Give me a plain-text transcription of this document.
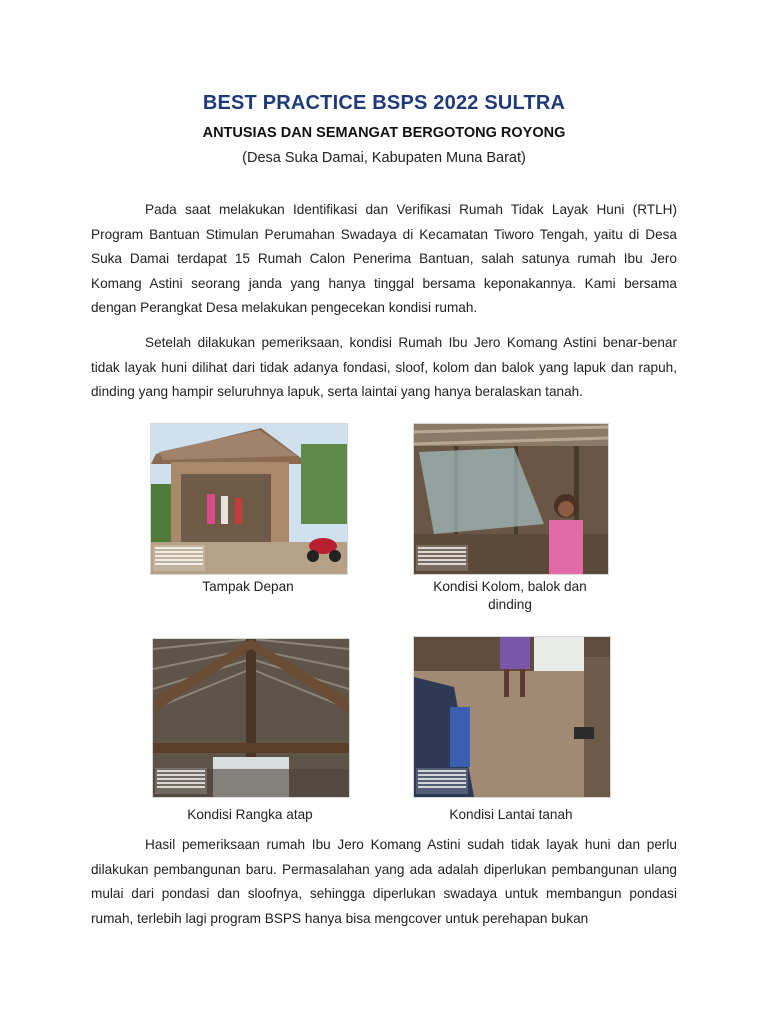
BEST PRACTICE BSPS 2022 SULTRA
ANTUSIAS DAN SEMANGAT BERGOTONG ROYONG
(Desa Suka Damai, Kabupaten Muna Barat)

Pada saat melakukan Identifikasi dan Verifikasi Rumah Tidak Layak Huni (RTLH) Program Bantuan Stimulan Perumahan Swadaya di Kecamatan Tiworo Tengah, yaitu di Desa Suka Damai terdapat 15 Rumah Calon Penerima Bantuan, salah satunya rumah Ibu Jero Komang Astini seorang janda yang hanya tinggal bersama keponakannya. Kami bersama dengan Perangkat Desa melakukan pengecekan kondisi rumah.

Setelah dilakukan pemeriksaan, kondisi Rumah Ibu Jero Komang Astini benar-benar tidak layak huni dilihat dari tidak adanya fondasi, sloof, kolom dan balok yang lapuk dan rapuh, dinding yang hampir seluruhnya lapuk, serta laintai yang hanya beralaskan tanah.

Tampak Depan	Kondisi Kolom, balok dan dinding
Kondisi Rangka atap	Kondisi Lantai tanah

Hasil pemeriksaan rumah Ibu Jero Komang Astini sudah tidak layak huni dan perlu dilakukan pembangunan baru. Permasalahan yang ada adalah diperlukan pembangunan ulang mulai dari pondasi dan sloofnya, sehingga diperlukan swadaya untuk membangun pondasi rumah, terlebih lagi program BSPS hanya bisa mengcover untuk perehapan bukan
